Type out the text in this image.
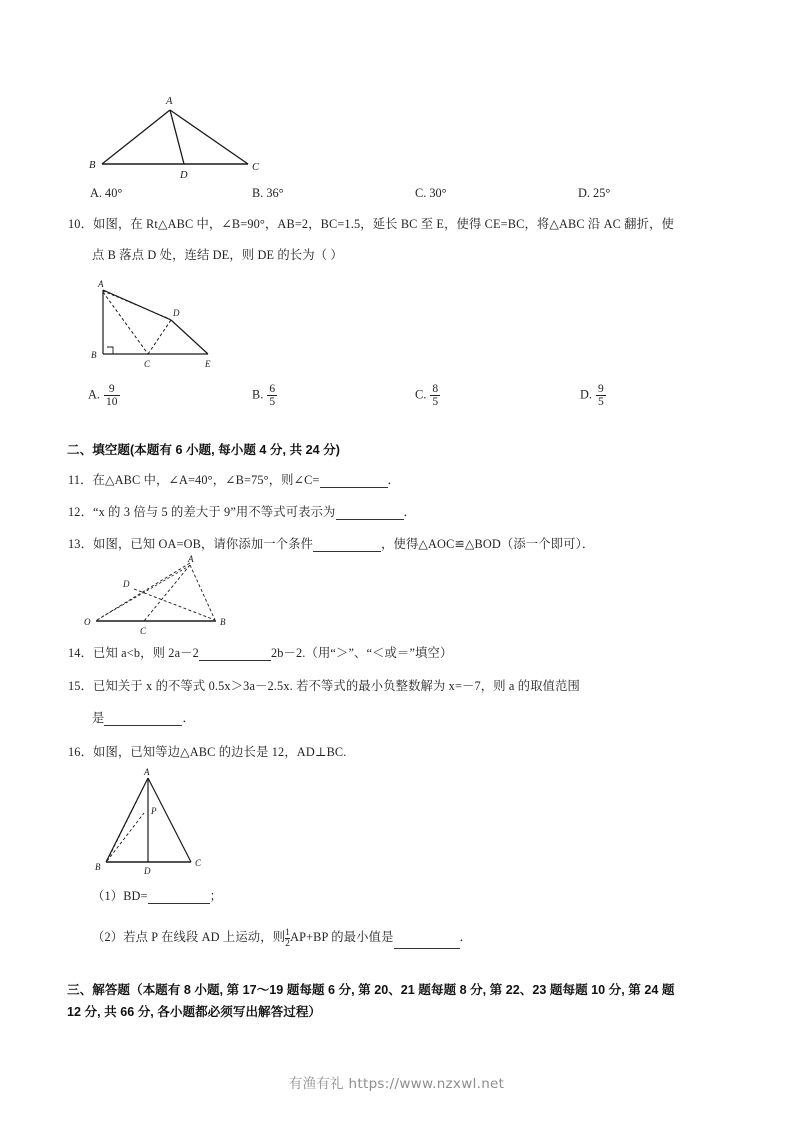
A
B
D
C
A. 40°	B. 36°	C. 30°	D. 25°
10．如图，在 Rt△ABC 中，∠B=90°，AB=2，BC=1.5，延长 BC 至 E，使得 CE=BC，将△ABC 沿 AC 翻折，使
点 B 落点 D 处，连结 DE，则 DE 的长为（ ）
A
B
C
D
E
A. $\frac{9}{10}$	B. $\frac{6}{5}$	C. $\frac{8}{5}$	D. $\frac{9}{5}$
二、填空题(本题有 6 小题, 每小题 4 分, 共 24 分)
11．在△ABC 中，∠A=40°，∠B=75°，则∠C=	．
12．“x 的 3 倍与 5 的差大于 9”用不等式可表示为	．
13．如图，已知 OA=OB，请你添加一个条件	，使得△AOC≌△BOD（添一个即可）．
A
D
O
C
B
14．已知 a<b，则 2a－2	2b－2.（用“＞”、“＜或＝”填空）
15．已知关于 x 的不等式 0.5x＞3a－2.5x. 若不等式的最小负整数解为 x=－7，则 a 的取值范围
是	．
16．如图，已知等边△ABC 的边长是 12，AD⊥BC.
A
P
B	D
C
（1）BD=	；
（2）若点 P 在线段 AD 上运动，则 $\frac{1}{2} AP+BP$ 的最小值是	．
三、解答题（本题有 8 小题, 第 17～19 题每题 6 分, 第 20、21 题每题 8 分, 第 22、23 题每题 10 分, 第 24 题
12 分, 共 66 分, 各小题都必须写出解答过程）
有渔有礼 https://www.nzxwl.net
